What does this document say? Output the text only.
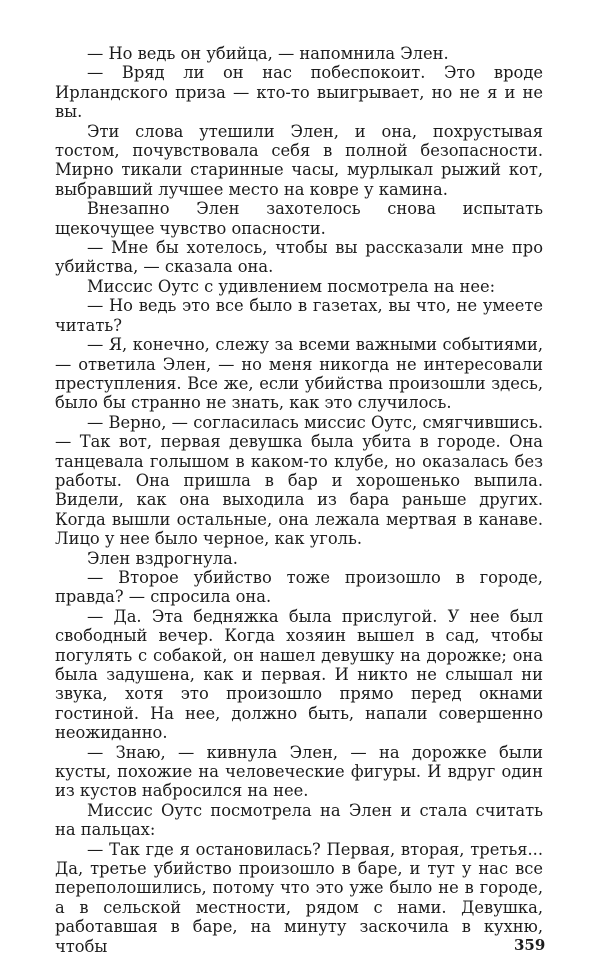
— Но ведь он убийца, — напомнила Элен.

— Вряд ли он нас побеспокоит. Это вроде Ирландского приза — кто-то выигрывает, но не я и не вы.

Эти слова утешили Элен, и она, похрустывая тостом, почувствовала себя в полной безопасности. Мирно тикали старинные часы, мурлыкал рыжий кот, выбравший лучшее место на ковре у камина.

Внезапно Элен захотелось снова испытать щекочущее чувство опасности.

— Мне бы хотелось, чтобы вы рассказали мне про убийства, — сказала она.

Миссис Оутс с удивлением посмотрела на нее:

— Но ведь это все было в газетах, вы что, не умеете читать?

— Я, конечно, слежу за всеми важными событиями, — ответила Элен, — но меня никогда не интересовали преступления. Все же, если убийства произошли здесь, было бы странно не знать, как это случилось.

— Верно, — согласилась миссис Оутс, смягчившись. — Так вот, первая девушка была убита в городе. Она танцевала голышом в каком-то клубе, но оказалась без работы. Она пришла в бар и хорошенько выпила. Видели, как она выходила из бара раньше других. Когда вышли остальные, она лежала мертвая в канаве. Лицо у нее было черное, как уголь.

Элен вздрогнула.

— Второе убийство тоже произошло в городе, правда? — спросила она.

— Да. Эта бедняжка была прислугой. У нее был свободный вечер. Когда хозяин вышел в сад, чтобы погулять с собакой, он нашел девушку на дорожке; она была задушена, как и первая. И никто не слышал ни звука, хотя это произошло прямо перед окнами гостиной. На нее, должно быть, напали совершенно неожиданно.

— Знаю, — кивнула Элен, — на дорожке были кусты, похожие на человеческие фигуры. И вдруг один из кустов набросился на нее.

Миссис Оутс посмотрела на Элен и стала считать на пальцах:

— Так где я остановилась? Первая, вторая, третья... Да, третье убийство произошло в баре, и тут у нас все переполошились, потому что это уже было не в городе, а в сельской местности, рядом с нами. Девушка, работавшая в баре, на минуту заскочила в кухню, чтобы	359
